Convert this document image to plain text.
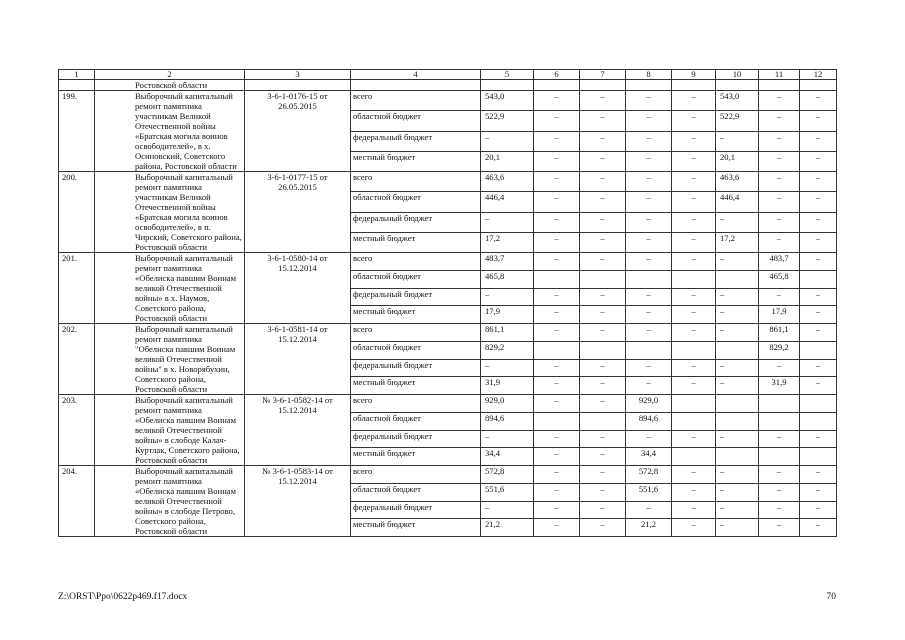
1	2	3	4	5	6	7	8	9	10	11	12
	Ростовской области										
199.	Выборочный капитальный ремонт памятника участникам Великой Отечественной войны «Братская могила воинов освободителей», в х. Осиновский, Советского района, Ростовской области	3-6-1-0176-15 от 26.05.2015	всего	543,0	–	–	–	–	543,0	–	–
			областной бюджет	522,9	–	–	–	–	522,9	–	–
			федеральный бюджет	–	–	–	–	–	–	–	–
			местный бюджет	20,1	–	–	–	–	20,1	–	–
200.	Выборочный капитальный ремонт памятника участникам Великой Отечественной войны «Братская могила воинов освободителей», в п. Чирский, Советского района, Ростовской области	3-6-1-0177-15 от 26.05.2015	всего	463,6	–	–	–	–	463,6	–	–
			областной бюджет	446,4	–	–	–	–	446,4	–	–
			федеральный бюджет	–	–	–	–	–	–	–	–
			местный бюджет	17,2	–	–	–	–	17,2	–	–
201.	Выборочный капитальный ремонт памятника «Обелиска павшим Воинам великой Отечественной войны» в х. Наумов, Советского района, Ростовской области	3-6-1-0580-14 от 15.12.2014	всего	483,7	–	–	–	–	–	483,7	–
			областной бюджет	465,8						465,8	
			федеральный бюджет	–	–	–	–	–	–	–	–
			местный бюджет	17,9	–	–	–	–	–	17,9	–
202.	Выборочный капитальный ремонт памятника "Обелиска павшим Воинам великой Отечественной войны" в х. Новорябухин, Советского района, Ростовской области	3-6-1-0581-14 от 15.12.2014	всего	861,1	–	–	–	–	–	861,1	–
			областной бюджет	829,2						829,2	
			федеральный бюджет	–	–	–	–	–	–	–	–
			местный бюджет	31,9	–	–	–	–	–	31,9	–
203.	Выборочный капитальный ремонт памятника «Обелиска павшим Воинам великой Отечественной войны» в слободе Калач-Куртлак, Советского района, Ростовской области	№ 3-6-1-0582-14 от 15.12.2014	всего	929,0	–	–	929,0				
			областной бюджет	894,6			894,6				
			федеральный бюджет	–	–	–	–	–	–	–	–
			местный бюджет	34,4	–	–	34,4				
204.	Выборочный капитальный ремонт памятника «Обелиска павшим Воинам великой Отечественной войны» в слободе Петрово, Советского района, Ростовской области	№ 3-6-1-0583-14 от 15.12.2014	всего	572,8	–	–	572,8	–	–	–	–
			областной бюджет	551,6	–	–	551,6	–	–	–	–
			федеральный бюджет	–	–	–	–	–	–	–	–
			местный бюджет	21,2	–	–	21,2	–	–	–	–
Z:\ORST\Ppo\0622p469.f17.docx	70
